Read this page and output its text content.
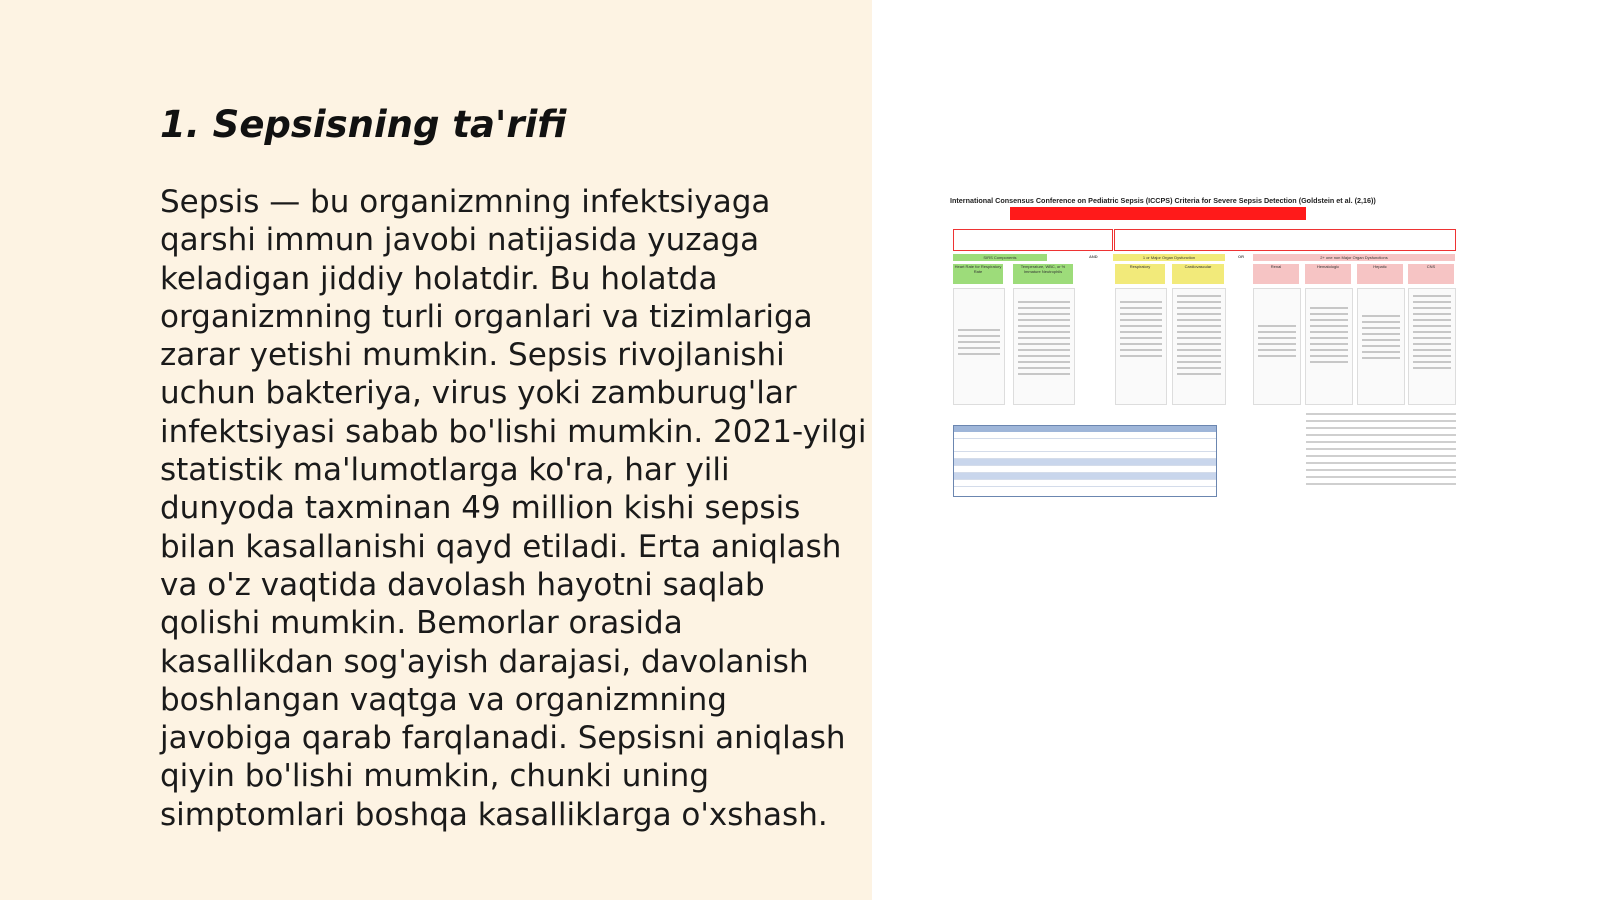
1. Sepsisning ta'rifi
Sepsis — bu organizmning infektsiyaga
qarshi immun javobi natijasida yuzaga
keladigan jiddiy holatdir. Bu holatda
organizmning turli organlari va tizimlariga
zarar yetishi mumkin. Sepsis rivojlanishi
uchun bakteriya, virus yoki zamburug'lar
infektsiyasi sabab bo'lishi mumkin. 2021-yilgi
statistik ma'lumotlarga ko'ra, har yili
dunyoda taxminan 49 million kishi sepsis
bilan kasallanishi qayd etiladi. Erta aniqlash
va o'z vaqtida davolash hayotni saqlab
qolishi mumkin. Bemorlar orasida
kasallikdan sog'ayish darajasi, davolanish
boshlangan vaqtga va organizmning
javobiga qarab farqlanadi. Sepsisni aniqlash
qiyin bo'lishi mumkin, chunki uning
simptomlari boshqa kasalliklarga o'xshash.
International Consensus Conference on Pediatric Sepsis (ICCPS) Criteria for Severe Sepsis Detection (Goldstein et al. (2,16))
SIRS Components	AND	1 or Major Organ Dysfunction	OR	2+ one non Major Organ Dysfunctions
Heart Rate for Respiratory Rate
Temperature, WBC, or % Immature Neutrophils
Respiratory	Cardiovascular	Renal	Hematologic	Hepatic	CNS
